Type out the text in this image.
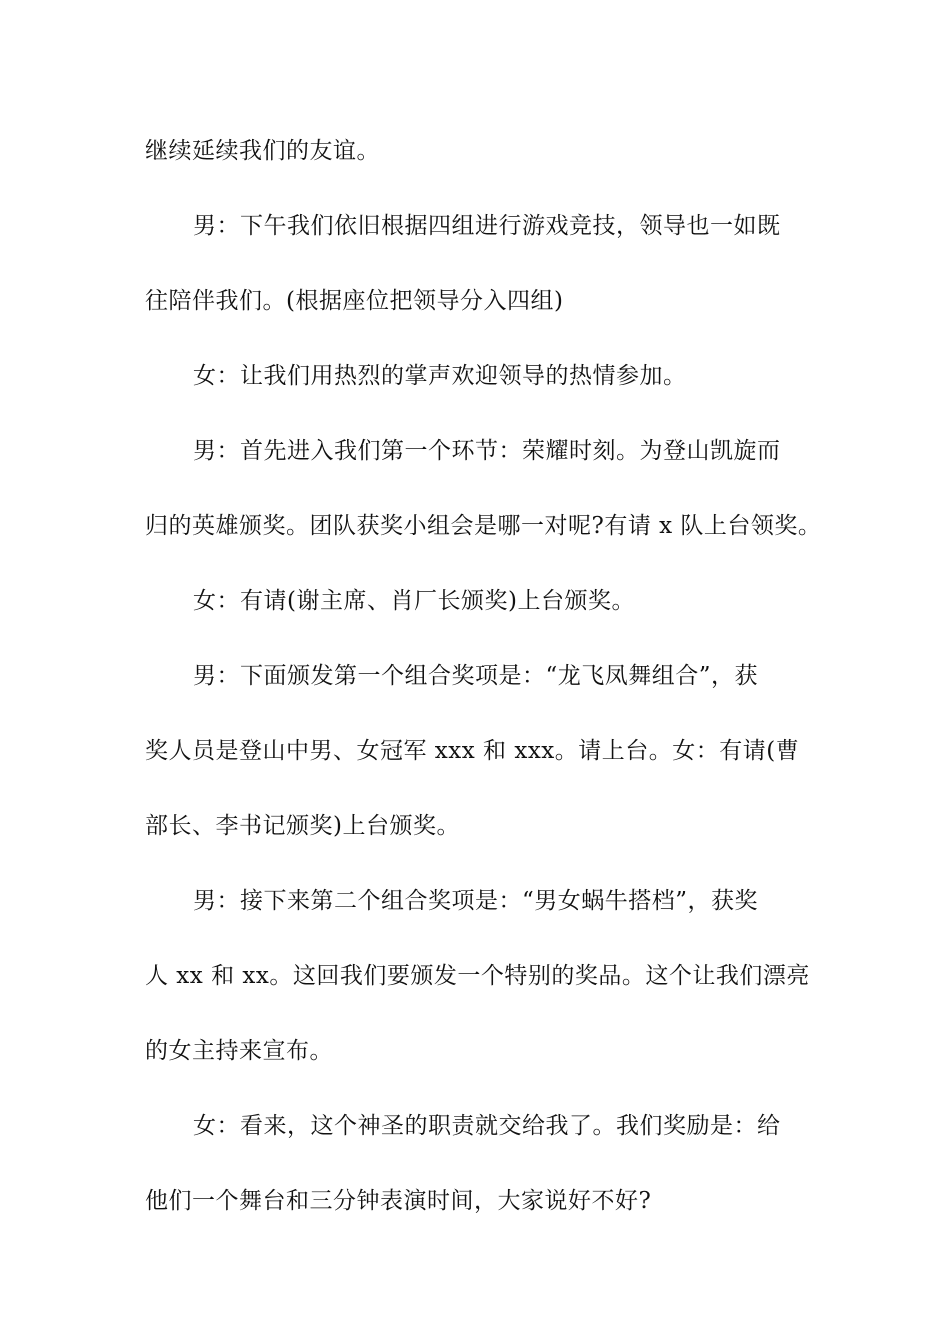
继续延续我们的友谊。
男：下午我们依旧根据四组进行游戏竞技，领导也一如既
往陪伴我们。(根据座位把领导分入四组)
女：让我们用热烈的掌声欢迎领导的热情参加。
男：首先进入我们第一个环节：荣耀时刻。为登山凯旋而
归的英雄颁奖。团队获奖小组会是哪一对呢?有请 x 队上台领奖。
女：有请(谢主席、肖厂长颁奖)上台颁奖。
男：下面颁发第一个组合奖项是：“龙飞凤舞组合”，获
奖人员是登山中男、女冠军 xxx 和 xxx。请上台。女：有请(曹
部长、李书记颁奖)上台颁奖。
男：接下来第二个组合奖项是：“男女蜗牛搭档”，获奖
人 xx 和 xx。这回我们要颁发一个特别的奖品。这个让我们漂亮
的女主持来宣布。
女：看来，这个神圣的职责就交给我了。我们奖励是：给
他们一个舞台和三分钟表演时间，大家说好不好?
